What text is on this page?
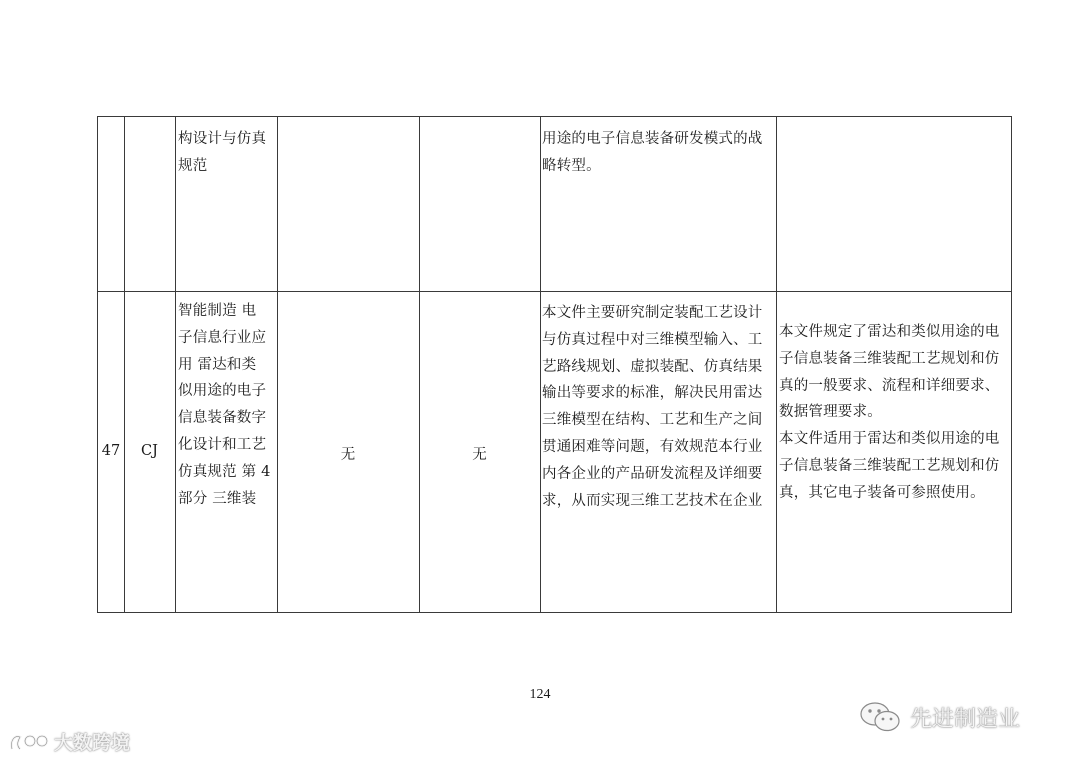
构设计与仿真
规范
用途的电子信息装备研发模式的战
略转型。
47	CJ
智能制造 电
子信息行业应
用 雷达和类
似用途的电子
信息装备数字
化设计和工艺
仿真规范 第 4
部分 三维装
无	无
本文件主要研究制定装配工艺设计
与仿真过程中对三维模型输入、工
艺路线规划、虚拟装配、仿真结果
输出等要求的标准，解决民用雷达
三维模型在结构、工艺和生产之间
贯通困难等问题，有效规范本行业
内各企业的产品研发流程及详细要
求，从而实现三维工艺技术在企业
本文件规定了雷达和类似用途的电
子信息装备三维装配工艺规划和仿
真的一般要求、流程和详细要求、
数据管理要求。
本文件适用于雷达和类似用途的电
子信息装备三维装配工艺规划和仿
真，其它电子装备可参照使用。
124
大数跨境
先进制造业
